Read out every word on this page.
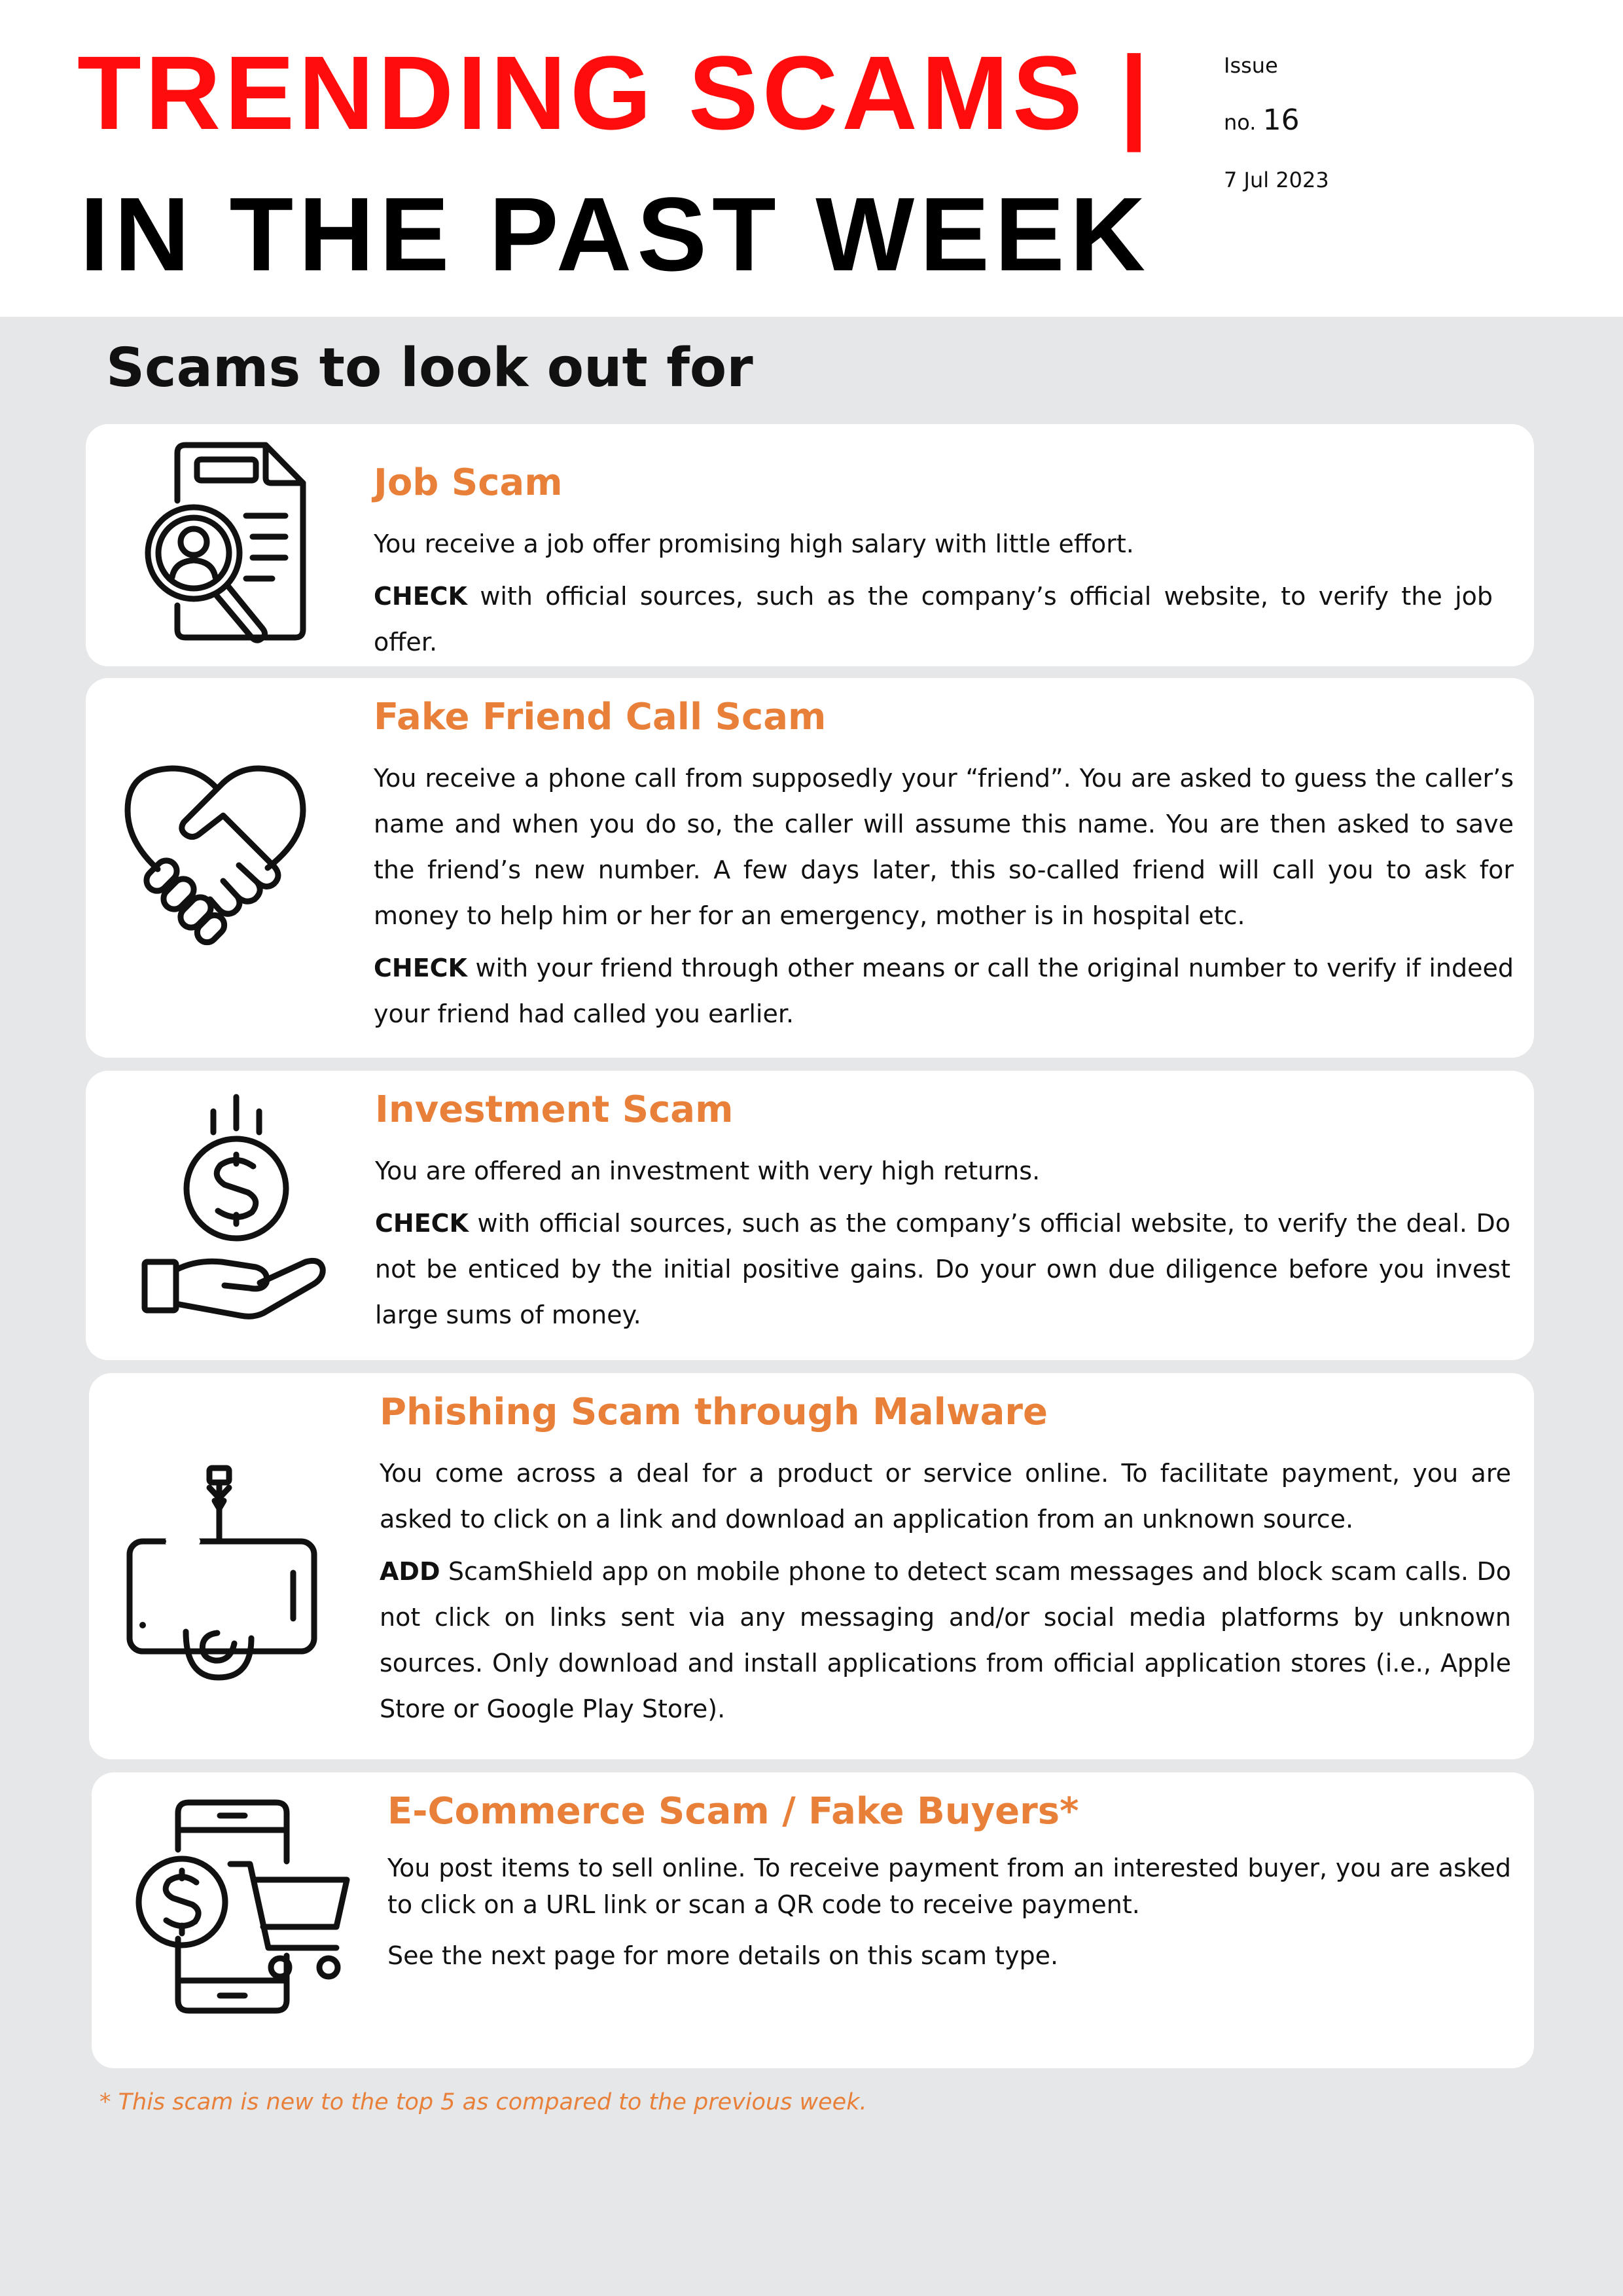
TRENDING SCAMS |
IN THE PAST WEEK
Issue
no. 16
7 Jul 2023
Scams to look out for
Job Scam

You receive a job offer promising high salary with little effort.

CHECK with official sources, such as the company’s official website, to verify the job offer.

Fake Friend Call Scam

You receive a phone call from supposedly your “friend”. You are asked to guess the caller’s name and when you do so, the caller will assume this name. You are then asked to save the friend’s new number. A few days later, this so-called friend will call you to ask for money to help him or her for an emergency, mother is in hospital etc.

CHECK with your friend through other means or call the original number to verify if indeed your friend had called you earlier.

Investment Scam

You are offered an investment with very high returns.

CHECK with official sources, such as the company’s official website, to verify the deal. Do not be enticed by the initial positive gains. Do your own due diligence before you invest large sums of money.

Phishing Scam through Malware

You come across a deal for a product or service online. To facilitate payment, you are asked to click on a link and download an application from an unknown source.

ADD ScamShield app on mobile phone to detect scam messages and block scam calls. Do not click on links sent via any messaging and/or social media platforms by unknown sources. Only download and install applications from official application stores (i.e., Apple Store or Google Play Store).

E-Commerce Scam / Fake Buyers*

You post items to sell online. To receive payment from an interested buyer, you are asked to click on a URL link or scan a QR code to receive payment.

See the next page for more details on this scam type.

* This scam is new to the top 5 as compared to the previous week.
